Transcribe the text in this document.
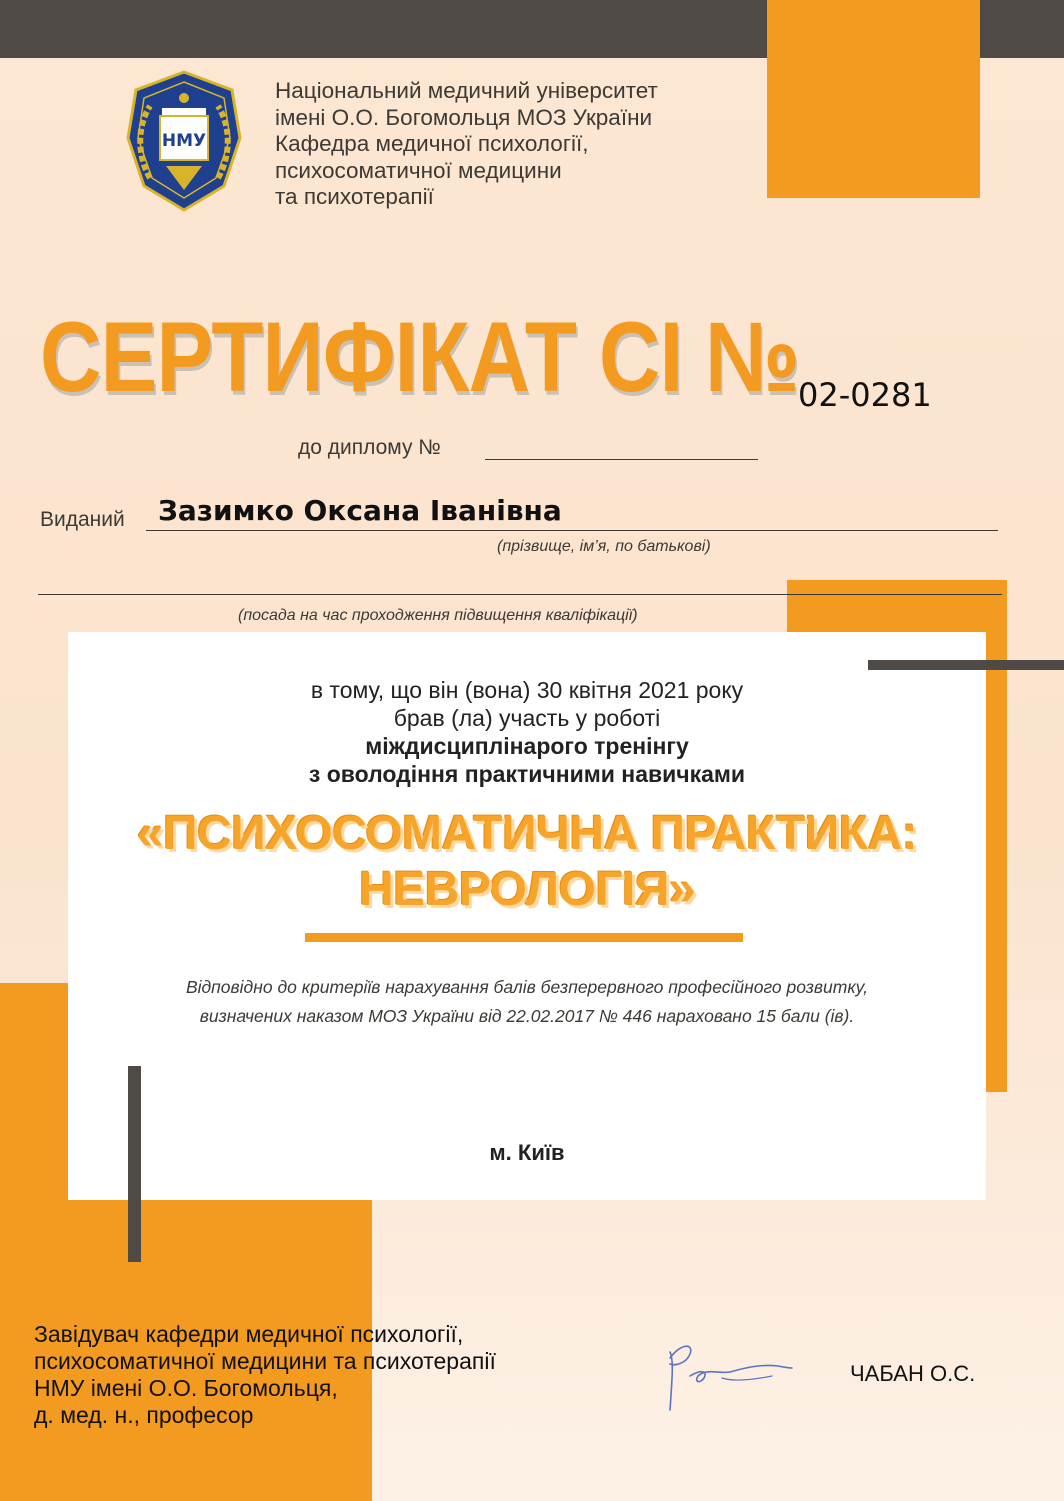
НМУ
Національний медичний університет
імені О.О. Богомольця МОЗ України
Кафедра медичної психології,
психосоматичної медицини
та психотерапії
СЕРТИФІКАТ СІ №
02-0281
до диплому №
Виданий Зазимко Оксана Іванівна
(прізвище, ім’я, по батькові)
(посада на час проходження підвищення кваліфікації)
в тому, що він (вона) 30 квітня 2021 року
брав (ла) участь у роботі
міждисциплінарого тренінгу
з оволодіння практичними навичками
«ПСИХОСОМАТИЧНА ПРАКТИКА:
НЕВРОЛОГІЯ»
Відповідно до критеріїв нарахування балів безперервного професійного розвитку,
визначених наказом МОЗ України від 22.02.2017 № 446 нараховано 15 бали (ів).
м. Київ
Завідувач кафедри медичної психології,
психосоматичної медицини та психотерапії
НМУ імені О.О. Богомольця,
д. мед. н., професор
ЧАБАН О.С.
